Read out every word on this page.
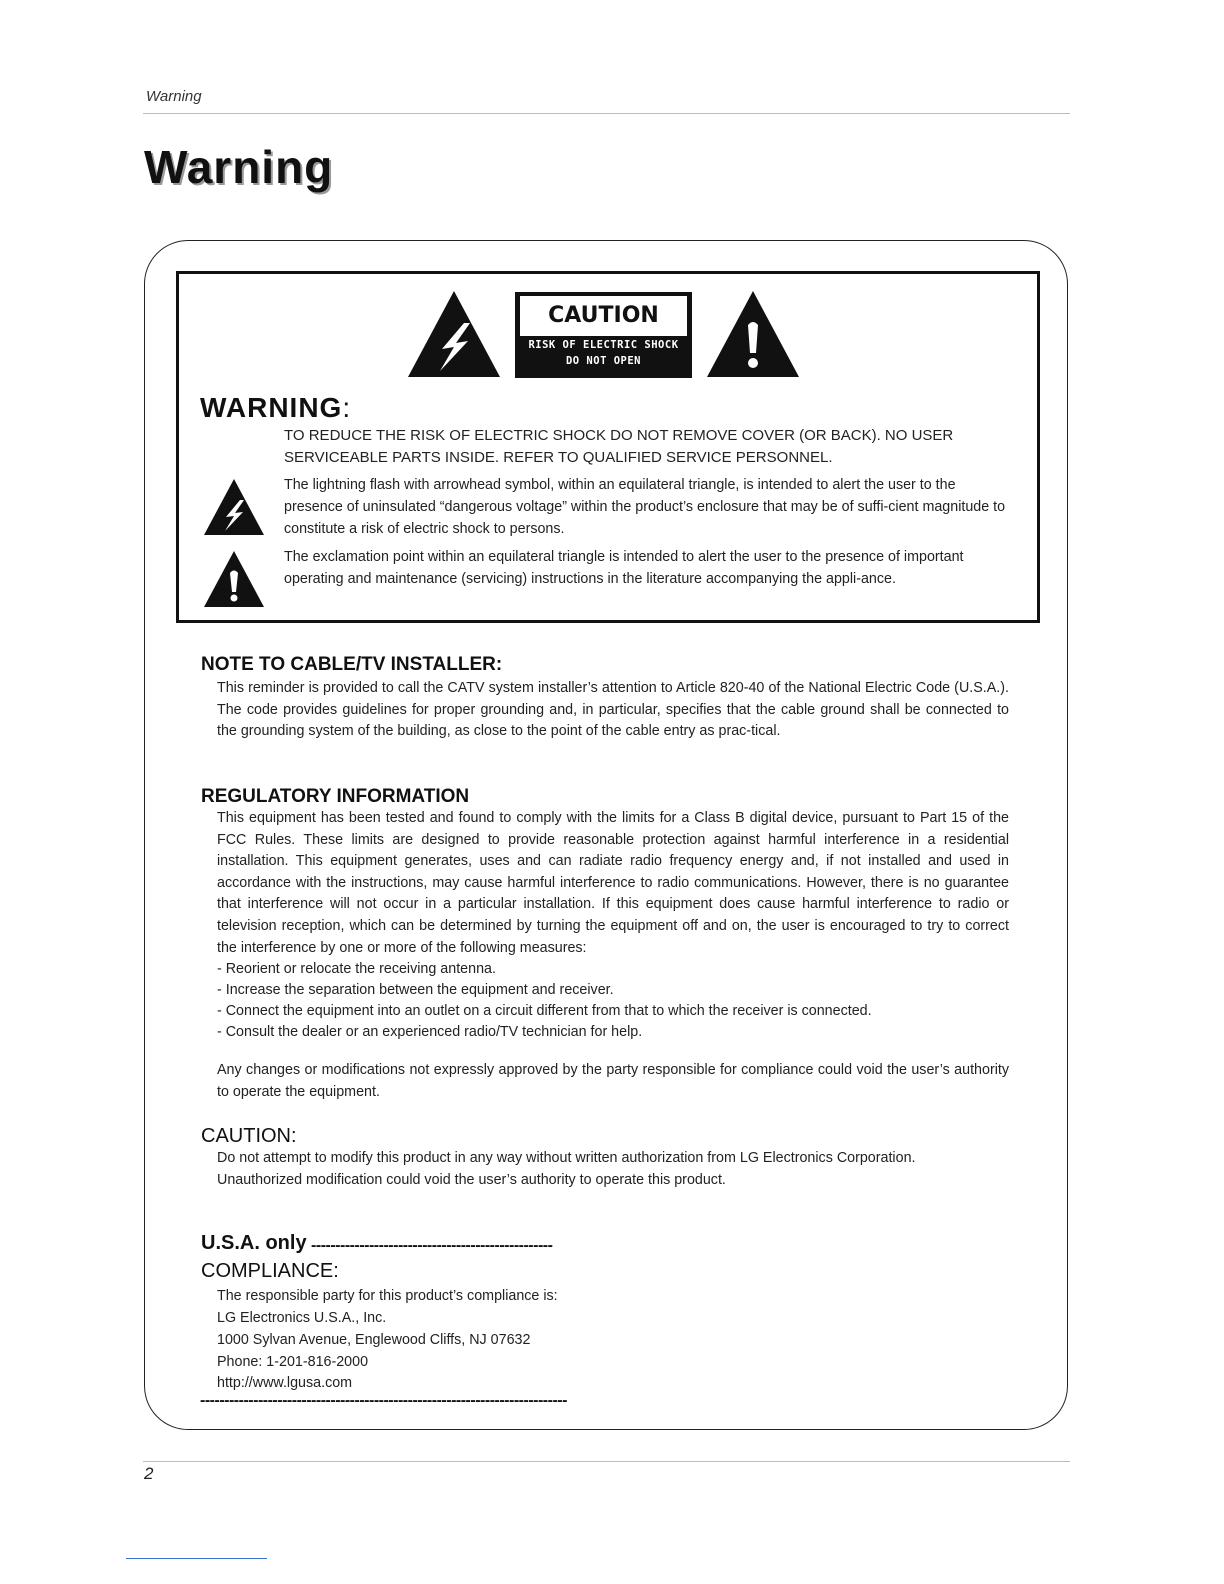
Warning
Warning
CAUTION
RISK OF ELECTRIC SHOCK
DO NOT OPEN
WARNING:
TO REDUCE THE RISK OF ELECTRIC SHOCK DO NOT REMOVE COVER (OR BACK). NO USER SERVICEABLE PARTS INSIDE. REFER TO QUALIFIED SERVICE PERSONNEL.
The lightning flash with arrowhead symbol, within an equilateral triangle, is intended to alert the user to the presence of uninsulated “dangerous voltage” within the product’s enclosure that may be of suffi-cient magnitude to constitute a risk of electric shock to persons.
The exclamation point within an equilateral triangle is intended to alert the user to the presence of important operating and maintenance (servicing) instructions in the literature accompanying the appli-ance.
NOTE TO CABLE/TV INSTALLER:
This reminder is provided to call the CATV system installer’s attention to Article 820-40 of the National Electric Code (U.S.A.). The code provides guidelines for proper grounding and, in particular, specifies that the cable ground shall be connected to the grounding system of the building, as close to the point of the cable entry as prac-tical.
REGULATORY INFORMATION
This equipment has been tested and found to comply with the limits for a Class B digital device, pursuant to Part 15 of the FCC Rules. These limits are designed to provide reasonable protection against harmful interference in a residential installation. This equipment generates, uses and can radiate radio frequency energy and, if not installed and used in accordance with the instructions, may cause harmful interference to radio communications. However, there is no guarantee that interference will not occur in a particular installation. If this equipment does cause harmful interference to radio or television reception, which can be determined by turning the equipment off and on, the user is encouraged to try to correct the interference by one or more of the following measures:
- Reorient or relocate the receiving antenna.
- Increase the separation between the equipment and receiver.
- Connect the equipment into an outlet on a circuit different from that to which the receiver is connected.
- Consult the dealer or an experienced radio/TV technician for help.
Any changes or modifications not expressly approved by the party responsible for compliance could void the user’s authority to operate the equipment.
CAUTION:
Do not attempt to modify this product in any way without written authorization from LG Electronics Corporation.
Unauthorized modification could void the user’s authority to operate this product.
U.S.A. only --------------------------------------------------
COMPLIANCE:
The responsible party for this product’s compliance is:
LG Electronics U.S.A., Inc.
1000 Sylvan Avenue, Englewood Cliffs, NJ 07632
Phone: 1-201-816-2000
http://www.lgusa.com
----------------------------------------------------------------------------
2
